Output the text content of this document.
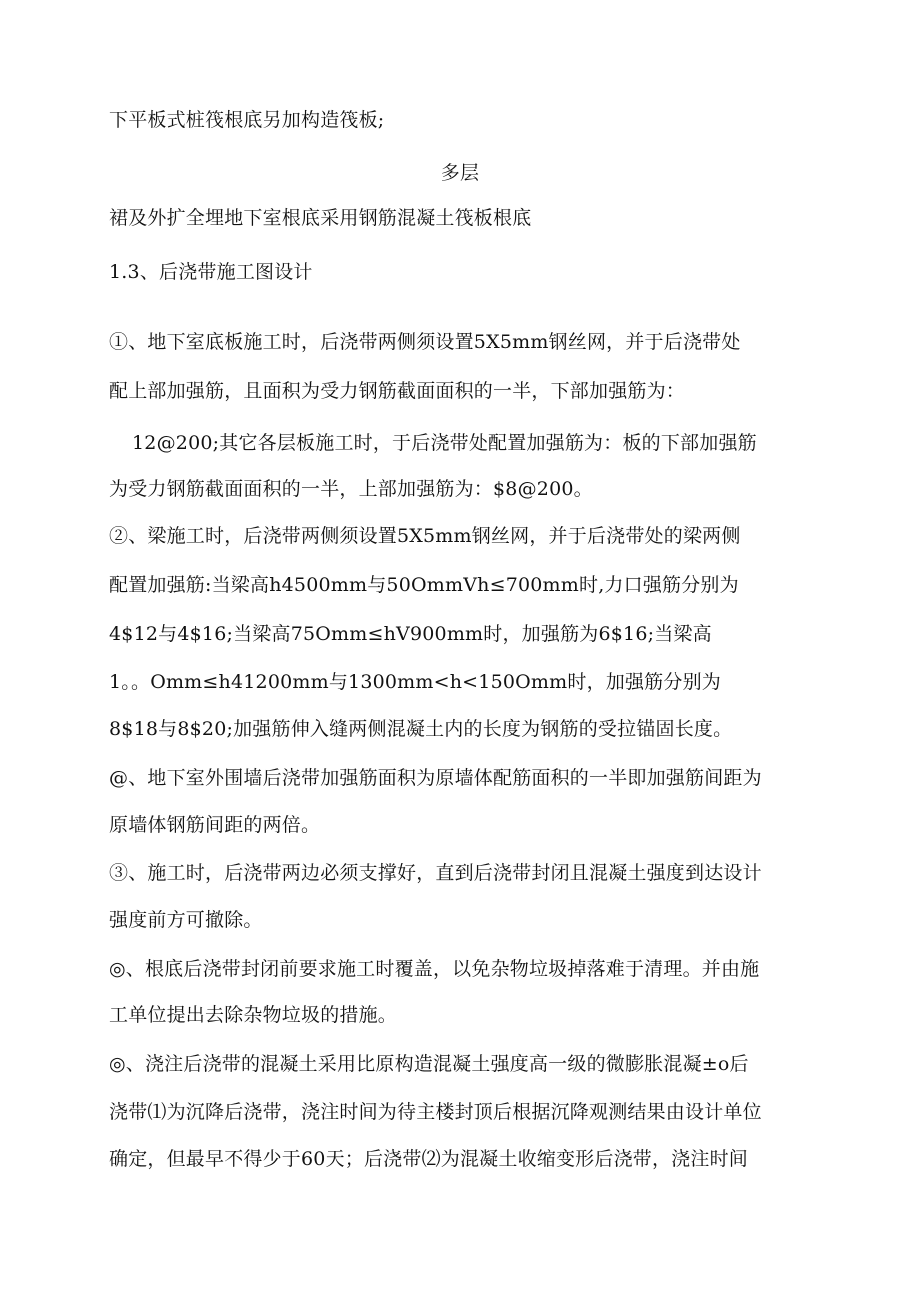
下平板式桩筏根底另加构造筏板;
多层
裙及外扩全埋地下室根底采用钢筋混凝土筏板根底
1.3、后浇带施工图设计
①、地下室底板施工时，后浇带两侧须设置5X5mm钢丝网，并于后浇带处
配上部加强筋，且面积为受力钢筋截面面积的一半，下部加强筋为：
12@200;其它各层板施工时，于后浇带处配置加强筋为：板的下部加强筋
为受力钢筋截面面积的一半，上部加强筋为：$8@200。
②、梁施工时，后浇带两侧须设置5X5mm钢丝网，并于后浇带处的梁两侧
配置加强筋:当梁高h4500mm与50OmmVh≤700mm时,力口强筋分别为
4$12与4$16;当梁高75Omm≤hV900mm时，加强筋为6$16;当梁高
1。。Omm≤h41200mm与1300mm<h<150Omm时，加强筋分别为
8$18与8$20;加强筋伸入缝两侧混凝土内的长度为钢筋的受拉锚固长度。
@、地下室外围墙后浇带加强筋面积为原墙体配筋面积的一半即加强筋间距为
原墙体钢筋间距的两倍。
③、施工时，后浇带两边必须支撑好，直到后浇带封闭且混凝土强度到达设计
强度前方可撤除。
◎、根底后浇带封闭前要求施工时覆盖，以免杂物垃圾掉落难于清理。并由施
工单位提出去除杂物垃圾的措施。
◎、浇注后浇带的混凝土采用比原构造混凝土强度高一级的微膨胀混凝±o后
浇带⑴为沉降后浇带，浇注时间为待主楼封顶后根据沉降观测结果由设计单位
确定，但最早不得少于60天；后浇带⑵为混凝土收缩变形后浇带，浇注时间
